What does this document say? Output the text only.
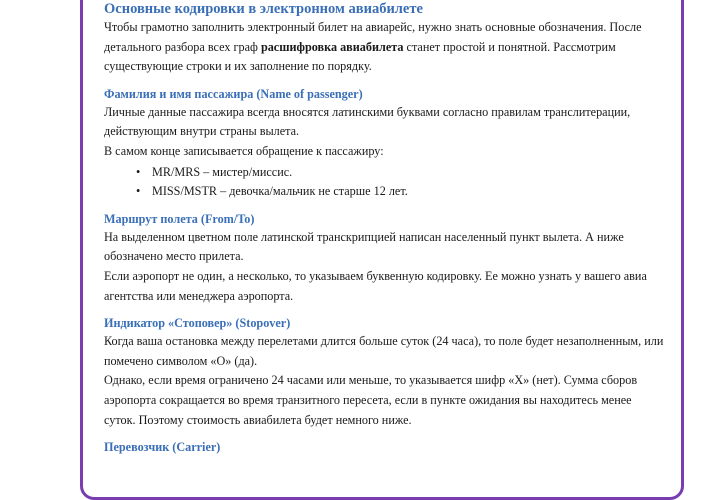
Основные кодировки в электронном авиабилете

Чтобы грамотно заполнить электронный билет на авиарейс, нужно знать основные обозначения. После детального разбора всех граф расшифровка авиабилета станет простой и понятной. Рассмотрим существующие строки и их заполнение по порядку.

Фамилия и имя пассажира (Name of passenger)

Личные данные пассажира всегда вносятся латинскими буквами согласно правилам транслитерации, действующим внутри страны вылета.

В самом конце записывается обращение к пассажиру:

• MR/MRS – мистер/миссис.
• MISS/MSTR – девочка/мальчик не старше 12 лет.
Маршрут полета (From/To)

На выделенном цветном поле латинской транскрипцией написан населенный пункт вылета. А ниже обозначено место прилета.

Если аэропорт не один, а несколько, то указываем буквенную кодировку. Ее можно узнать у вашего авиа агентства или менеджера аэропорта.

Индикатор «Стоповер» (Stopover)

Когда ваша остановка между перелетами длится больше суток (24 часа), то поле будет незаполненным, или помечено символом «O» (да).

Однако, если время ограничено 24 часами или меньше, то указывается шифр «X» (нет). Сумма сборов аэропорта сокращается во время транзитного пересета, если в пункте ожидания вы находитесь менее суток. Поэтому стоимость авиабилета будет немного ниже.

Перевозчик (Carrier)
